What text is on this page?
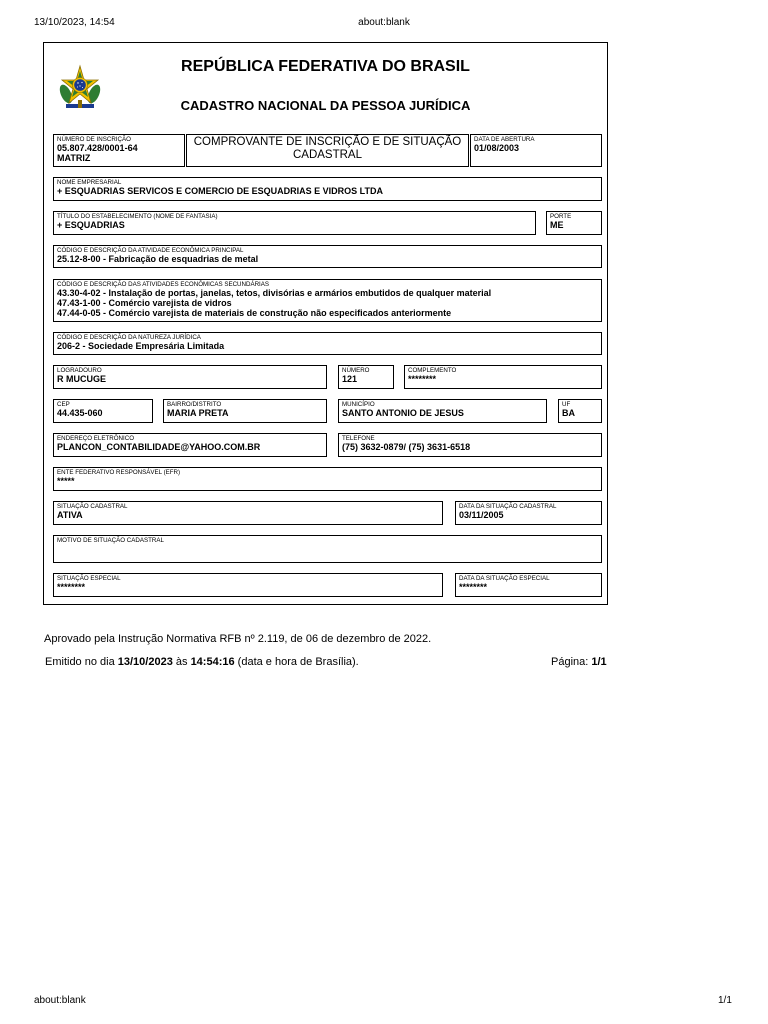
13/10/2023, 14:54	about:blank
REPÚBLICA FEDERATIVA DO BRASIL
CADASTRO NACIONAL DA PESSOA JURÍDICA
NÚMERO DE INSCRIÇÃO
05.807.428/0001-64
MATRIZ
COMPROVANTE DE INSCRIÇÃO E DE SITUAÇÃO
CADASTRAL
DATA DE ABERTURA
01/08/2003
NOME EMPRESARIAL
+ ESQUADRIAS SERVICOS E COMERCIO DE ESQUADRIAS E VIDROS LTDA
TÍTULO DO ESTABELECIMENTO (NOME DE FANTASIA)
+ ESQUADRIAS
PORTE
ME
CÓDIGO E DESCRIÇÃO DA ATIVIDADE ECONÔMICA PRINCIPAL
25.12-8-00 - Fabricação de esquadrias de metal
CÓDIGO E DESCRIÇÃO DAS ATIVIDADES ECONÔMICAS SECUNDÁRIAS
43.30-4-02 - Instalação de portas, janelas, tetos, divisórias e armários embutidos de qualquer material
47.43-1-00 - Comércio varejista de vidros
47.44-0-05 - Comércio varejista de materiais de construção não especificados anteriormente
CÓDIGO E DESCRIÇÃO DA NATUREZA JURÍDICA
206-2 - Sociedade Empresária Limitada
LOGRADOURO
R MUCUGE
NÚMERO
121
COMPLEMENTO
********
CEP
44.435-060
BAIRRO/DISTRITO
MARIA PRETA
MUNICÍPIO
SANTO ANTONIO DE JESUS
UF
BA
ENDEREÇO ELETRÔNICO
PLANCON_CONTABILIDADE@YAHOO.COM.BR
TELEFONE
(75) 3632-0879/ (75) 3631-6518
ENTE FEDERATIVO RESPONSÁVEL (EFR)
*****
SITUAÇÃO CADASTRAL
ATIVA
DATA DA SITUAÇÃO CADASTRAL
03/11/2005
MOTIVO DE SITUAÇÃO CADASTRAL
SITUAÇÃO ESPECIAL
********
DATA DA SITUAÇÃO ESPECIAL
********
Aprovado pela Instrução Normativa RFB nº 2.119, de 06 de dezembro de 2022.
Emitido no dia 13/10/2023 às 14:54:16 (data e hora de Brasília).	Página: 1/1
about:blank	1/1
